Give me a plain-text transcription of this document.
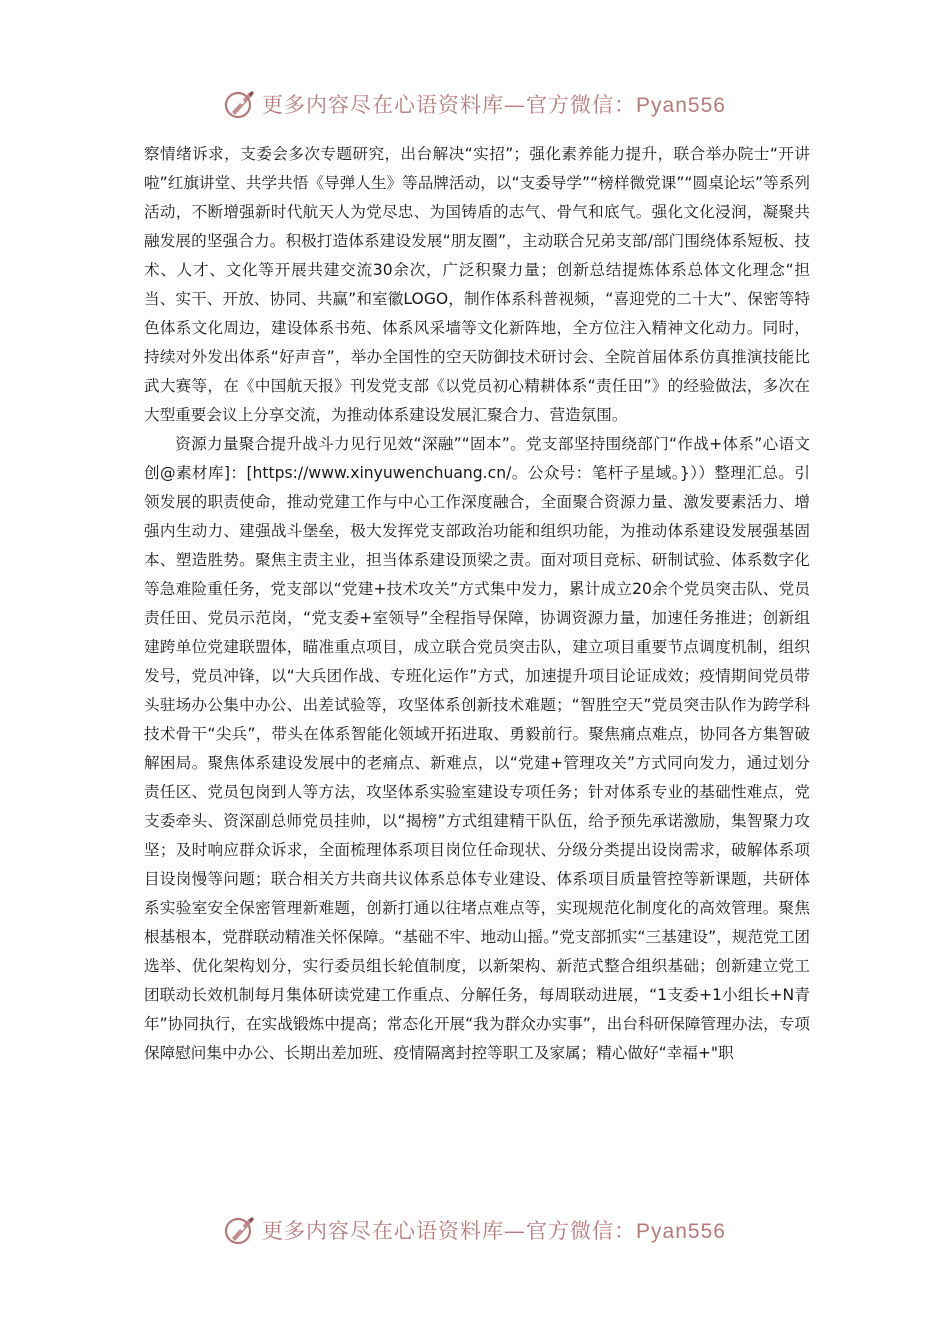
更多内容尽在心语资料库—官方微信：Pyan556

察情绪诉求，支委会多次专题研究，出台解决“实招”；强化素养能力提升，联合举办院士“开讲啦”红旗讲堂、共学共悟《导弹人生》等品牌活动，以“支委导学”“榜样微党课”“圆桌论坛”等系列活动，不断增强新时代航天人为党尽忠、为国铸盾的志气、骨气和底气。强化文化浸润，凝聚共融发展的坚强合力。积极打造体系建设发展“朋友圈”，主动联合兄弟支部/部门围绕体系短板、技术、人才、文化等开展共建交流30余次，广泛积聚力量；创新总结提炼体系总体文化理念“担当、实干、开放、协同、共赢”和室徽LOGO，制作体系科普视频，“喜迎党的二十大”、保密等特色体系文化周边，建设体系书苑、体系风采墙等文化新阵地，全方位注入精神文化动力。同时，持续对外发出体系“好声音”，举办全国性的空天防御技术研讨会、全院首届体系仿真推演技能比武大赛等，在《中国航天报》刊发党支部《以党员初心精耕体系“责任田”》的经验做法，多次在大型重要会议上分享交流，为推动体系建设发展汇聚合力、营造氛围。

资源力量聚合提升战斗力见行见效“深融”“固本”。党支部坚持围绕部门“作战+体系”心语文创@素材库]：[https://www.xinyuwenchuang.cn/。公众号：笔杆子星域。}））整理汇总。引领发展的职责使命，推动党建工作与中心工作深度融合，全面聚合资源力量、激发要素活力、增强内生动力、建强战斗堡垒，极大发挥党支部政治功能和组织功能，为推动体系建设发展强基固本、塑造胜势。聚焦主责主业，担当体系建设顶梁之责。面对项目竞标、研制试验、体系数字化等急难险重任务，党支部以“党建+技术攻关”方式集中发力，累计成立20余个党员突击队、党员责任田、党员示范岗，“党支委+室领导”全程指导保障，协调资源力量，加速任务推进；创新组建跨单位党建联盟体，瞄准重点项目，成立联合党员突击队，建立项目重要节点调度机制，组织发号，党员冲锋，以“大兵团作战、专班化运作”方式，加速提升项目论证成效；疫情期间党员带头驻场办公集中办公、出差试验等，攻坚体系创新技术难题；“智胜空天”党员突击队作为跨学科技术骨干“尖兵”，带头在体系智能化领域开拓进取、勇毅前行。聚焦痛点难点，协同各方集智破解困局。聚焦体系建设发展中的老痛点、新难点，以“党建+管理攻关”方式同向发力，通过划分责任区、党员包岗到人等方法，攻坚体系实验室建设专项任务；针对体系专业的基础性难点，党支委牵头、资深副总师党员挂帅，以“揭榜”方式组建精干队伍，给予预先承诺激励，集智聚力攻坚；及时响应群众诉求，全面梳理体系项目岗位任命现状、分级分类提出设岗需求，破解体系项目设岗慢等问题；联合相关方共商共议体系总体专业建设、体系项目质量管控等新课题，共研体系实验室安全保密管理新难题，创新打通以往堵点难点等，实现规范化制度化的高效管理。聚焦根基根本，党群联动精准关怀保障。“基础不牢、地动山摇。”党支部抓实“三基建设”，规范党工团选举、优化架构划分，实行委员组长轮值制度，以新架构、新范式整合组织基础；创新建立党工团联动长效机制每月集体研读党建工作重点、分解任务，每周联动进展，“1支委+1小组长+N青年”协同执行，在实战锻炼中提高；常态化开展“我为群众办实事”，出台科研保障管理办法，专项保障慰问集中办公、长期出差加班、疫情隔离封控等职工及家属；精心做好“幸福+"职

更多内容尽在心语资料库—官方微信：Pyan556
